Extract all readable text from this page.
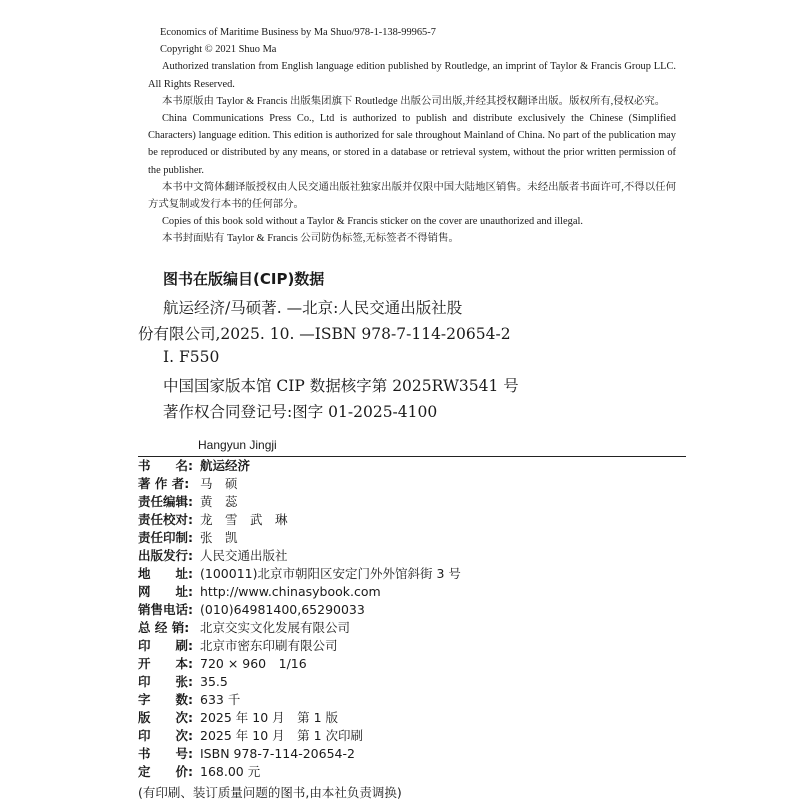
Economics of Maritime Business by Ma Shuo/978-1-138-99965-7

Copyright © 2021 Shuo Ma

Authorized translation from English language edition published by Routledge, an imprint of Taylor & Francis Group LLC. All Rights Reserved.

本书原版由 Taylor & Francis 出版集团旗下 Routledge 出版公司出版,并经其授权翻译出版。版权所有,侵权必究。

China Communications Press Co., Ltd is authorized to publish and distribute exclusively the Chinese (Simplified Characters) language edition. This edition is authorized for sale throughout Mainland of China. No part of the publication may be reproduced or distributed by any means, or stored in a database or retrieval system, without the prior written permission of the publisher.

本书中文简体翻译版授权由人民交通出版社独家出版并仅限中国大陆地区销售。未经出版者书面许可,不得以任何方式复制或发行本书的任何部分。

Copies of this book sold without a Taylor & Francis sticker on the cover are unauthorized and illegal.

本书封面贴有 Taylor & Francis 公司防伪标签,无标签者不得销售。

图书在版编目(CIP)数据
航运经济/马硕著. —北京:人民交通出版社股
份有限公司,2025. 10. —ISBN 978-7-114-20654-2
Ⅰ. F550
中国国家版本馆 CIP 数据核字第 2025RW3541 号
著作权合同登记号:图字 01-2025-4100
Hangyun Jingji
书　　名: 航运经济
著 作 者: 马　硕
责任编辑: 黄　蕊
责任校对: 龙　雪　武　琳
责任印制: 张　凯
出版发行: 人民交通出版社
地　　址: (100011)北京市朝阳区安定门外外馆斜街 3 号
网　　址: http://www.chinasybook.com
销售电话: (010)64981400,65290033
总 经 销: 北京交实文化发展有限公司
印　　刷: 北京市密东印刷有限公司
开　　本: 720 × 960　1/16
印　　张: 35.5
字　　数: 633 千
版　　次: 2025 年 10 月　第 1 版
印　　次: 2025 年 10 月　第 1 次印刷
书　　号: ISBN 978-7-114-20654-2
定　　价: 168.00 元
(有印刷、装订质量问题的图书,由本社负责调换)
